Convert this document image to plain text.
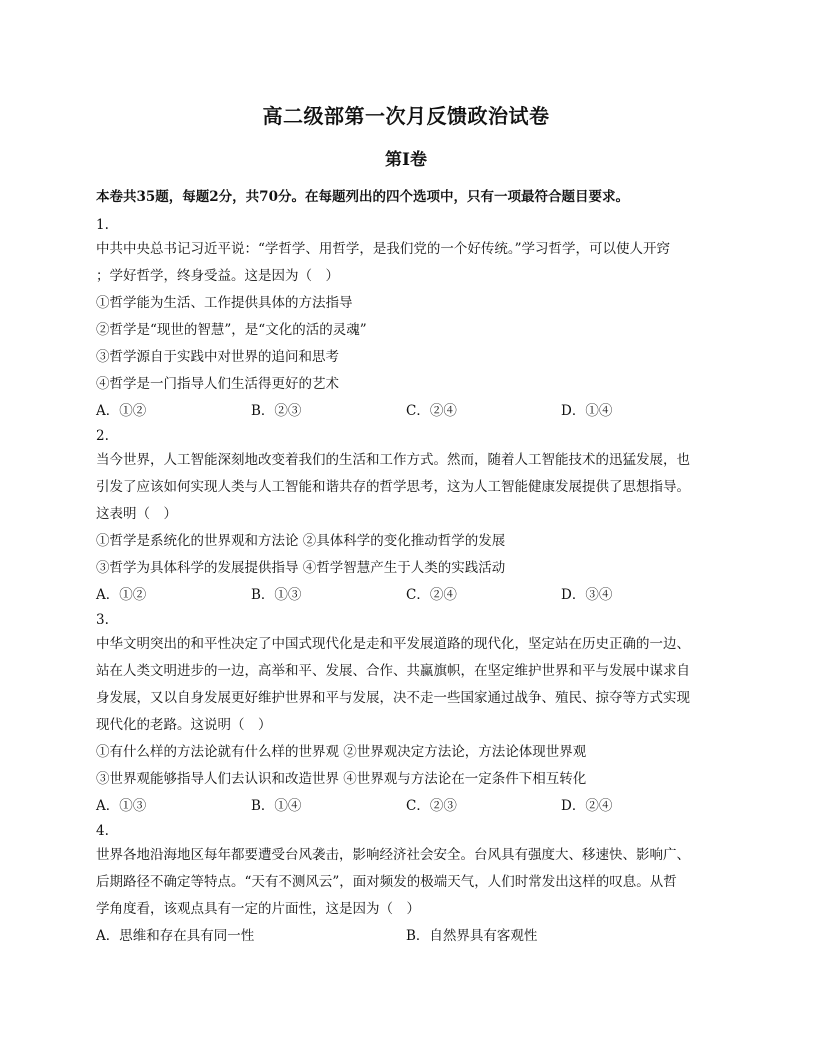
高二级部第一次月反馈政治试卷
第I卷
本卷共35题，每题2分，共70分。在每题列出的四个选项中，只有一项最符合题目要求。
1.
中共中央总书记习近平说：“学哲学、用哲学，是我们党的一个好传统。”学习哲学，可以使人开窍
；学好哲学，终身受益。这是因为（　）
①哲学能为生活、工作提供具体的方法指导
②哲学是“现世的智慧”，是“文化的活的灵魂”
③哲学源自于实践中对世界的追问和思考
④哲学是一门指导人们生活得更好的艺术
A．①②	B．②③	C．②④	D．①④
2.
当今世界，人工智能深刻地改变着我们的生活和工作方式。然而，随着人工智能技术的迅猛发展，也
引发了应该如何实现人类与人工智能和谐共存的哲学思考，这为人工智能健康发展提供了思想指导。
这表明（　）
①哲学是系统化的世界观和方法论 ②具体科学的变化推动哲学的发展
③哲学为具体科学的发展提供指导 ④哲学智慧产生于人类的实践活动
A．①②	B．①③	C．②④	D．③④
3.
中华文明突出的和平性决定了中国式现代化是走和平发展道路的现代化，坚定站在历史正确的一边、
站在人类文明进步的一边，高举和平、发展、合作、共赢旗帜，在坚定维护世界和平与发展中谋求自
身发展，又以自身发展更好维护世界和平与发展，决不走一些国家通过战争、殖民、掠夺等方式实现
现代化的老路。这说明（　）
①有什么样的方法论就有什么样的世界观 ②世界观决定方法论，方法论体现世界观
③世界观能够指导人们去认识和改造世界 ④世界观与方法论在一定条件下相互转化
A．①③	B．①④	C．②③	D．②④
4.
世界各地沿海地区每年都要遭受台风袭击，影响经济社会安全。台风具有强度大、移速快、影响广、
后期路径不确定等特点。“天有不测风云”，面对频发的极端天气，人们时常发出这样的叹息。从哲
学角度看，该观点具有一定的片面性，这是因为（　）
A．思维和存在具有同一性	B．自然界具有客观性
